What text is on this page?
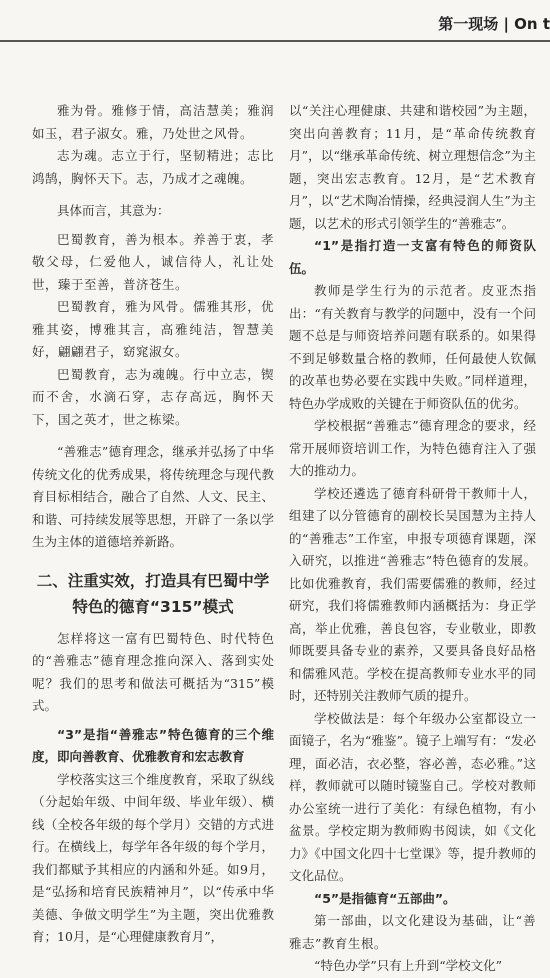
第一现场 | On t

雅为骨。雅修于情，高洁慧美；雅润如玉，君子淑女。雅，乃处世之风骨。

志为魂。志立于行，坚韧精进；志比鸿鹄，胸怀天下。志，乃成才之魂魄。

具体而言，其意为：

巴蜀教育，善为根本。养善于衷，孝敬父母，仁爱他人，诚信待人，礼让处世，臻于至善，普济苍生。

巴蜀教育，雅为风骨。儒雅其形，优雅其姿，博雅其言，高雅纯洁，智慧美好，翩翩君子，窈窕淑女。

巴蜀教育，志为魂魄。行中立志，锲而不舍，水滴石穿，志存高远，胸怀天下，国之英才，世之栋梁。

“善雅志”德育理念，继承并弘扬了中华传统文化的优秀成果，将传统理念与现代教育目标相结合，融合了自然、人文、民主、和谐、可持续发展等思想，开辟了一条以学生为主体的道德培养新路。

二、注重实效，打造具有巴蜀中学
特色的德育“315”模式

怎样将这一富有巴蜀特色、时代特色的“善雅志”德育理念推向深入、落到实处呢？我们的思考和做法可概括为“315”模式。

“3”是指“善雅志”特色德育的三个维度，即向善教育、优雅教育和宏志教育

学校落实这三个维度教育，采取了纵线（分起始年级、中间年级、毕业年级）、横线（全校各年级的每个学月）交错的方式进行。在横线上，每学年各年级的每个学月，我们都赋予其相应的内涵和外延。如9月，是“弘扬和培育民族精神月”，以“传承中华美德、争做文明学生”为主题，突出优雅教育；10月，是“心理健康教育月”，

以“关注心理健康、共建和谐校园”为主题，突出向善教育；11月，是“革命传统教育月”，以“继承革命传统、树立理想信念”为主题，突出宏志教育。12月，是“艺术教育月”，以“艺术陶冶情操，经典浸润人生”为主题，以艺术的形式引领学生的“善雅志”。

“1”是指打造一支富有特色的师资队伍。

教师是学生行为的示范者。皮亚杰指出：“有关教育与教学的问题中，没有一个问题不总是与师资培养问题有联系的。如果得不到足够数量合格的教师，任何最使人钦佩的改革也势必要在实践中失败。”同样道理，特色办学成败的关键在于师资队伍的优劣。

学校根据“善雅志”德育理念的要求，经常开展师资培训工作，为特色德育注入了强大的推动力。

学校还遴选了德育科研骨干教师十人，组建了以分管德育的副校长吴国慧为主持人的“善雅志”工作室，申报专项德育课题，深入研究，以推进“善雅志”特色德育的发展。比如优雅教育，我们需要儒雅的教师，经过研究，我们将儒雅教师内涵概括为：身正学高，举止优雅，善良包容，专业敬业，即教师既要具备专业的素养，又要具备良好品格和儒雅风范。学校在提高教师专业水平的同时，还特别关注教师气质的提升。

学校做法是：每个年级办公室都设立一面镜子，名为“雅鉴”。镜子上端写有：“发必理，面必洁，衣必整，容必善，态必雅。”这样，教师就可以随时镜鉴自己。学校对教师办公室统一进行了美化：有绿色植物，有小盆景。学校定期为教师购书阅读，如《文化力》《中国文化四十七堂课》等，提升教师的文化品位。

“5”是指德育“五部曲”。

第一部曲，以文化建设为基础，让“善雅志”教育生根。

“特色办学”只有上升到“学校文化”
